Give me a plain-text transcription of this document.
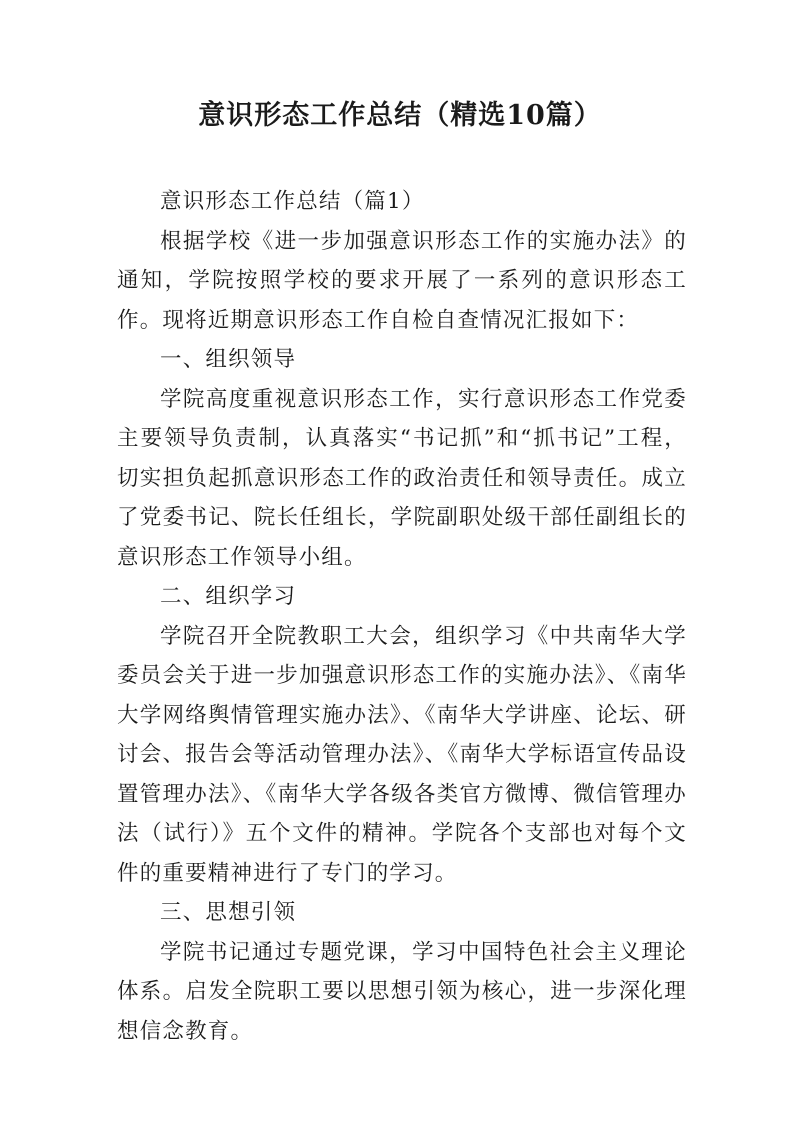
意识形态工作总结（精选10篇）

意识形态工作总结（篇1）

根据学校《进一步加强意识形态工作的实施办法》的通知，学院按照学校的要求开展了一系列的意识形态工作。现将近期意识形态工作自检自查情况汇报如下：

一、组织领导

学院高度重视意识形态工作，实行意识形态工作党委主要领导负责制，认真落实“书记抓”和“抓书记”工程，切实担负起抓意识形态工作的政治责任和领导责任。成立了党委书记、院长任组长，学院副职处级干部任副组长的意识形态工作领导小组。

二、组织学习

学院召开全院教职工大会，组织学习《中共南华大学委员会关于进一步加强意识形态工作的实施办法》、《南华大学网络舆情管理实施办法》、《南华大学讲座、论坛、研讨会、报告会等活动管理办法》、《南华大学标语宣传品设置管理办法》、《南华大学各级各类官方微博、微信管理办法（试行）》五个文件的精神。学院各个支部也对每个文件的重要精神进行了专门的学习。

三、思想引领

学院书记通过专题党课，学习中国特色社会主义理论体系。启发全院职工要以思想引领为核心，进一步深化理想信念教育。
